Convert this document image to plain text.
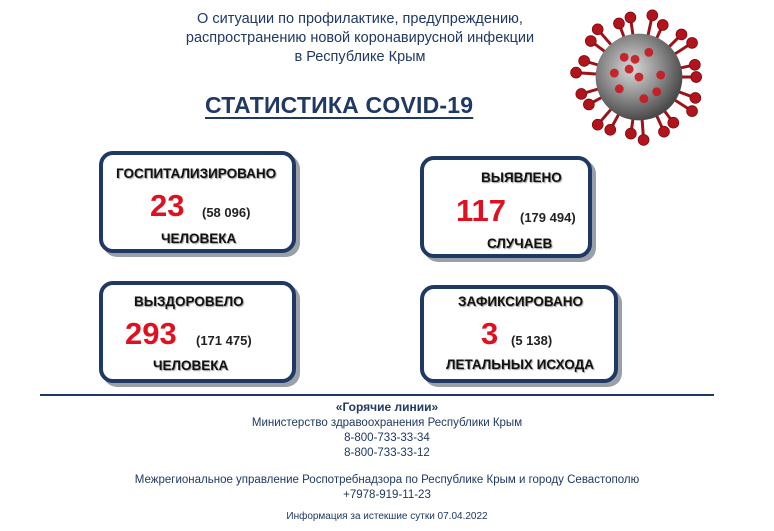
О ситуации по профилактике, предупреждению,
распространению новой коронавирусной инфекции
в Республике Крым
СТАТИСТИКА COVID-19
ГОСПИТАЛИЗИРОВАНО
23 (58 096)
ЧЕЛОВЕКА
ВЫЯВЛЕНО
117 (179 494)
СЛУЧАЕВ
ВЫЗДОРОВЕЛО
293 (171 475)
ЧЕЛОВЕКА
ЗАФИКСИРОВАНО
3 (5 138)
ЛЕТАЛЬНЫХ ИСХОДА
«Горячие линии»
Министерство здравоохранения Республики Крым
8-800-733-33-34
8-800-733-33-12
Межрегиональное управление Роспотребнадзора по Республике Крым и городу Севастополю
+7978-919-11-23
Информация за истекшие сутки 07.04.2022
